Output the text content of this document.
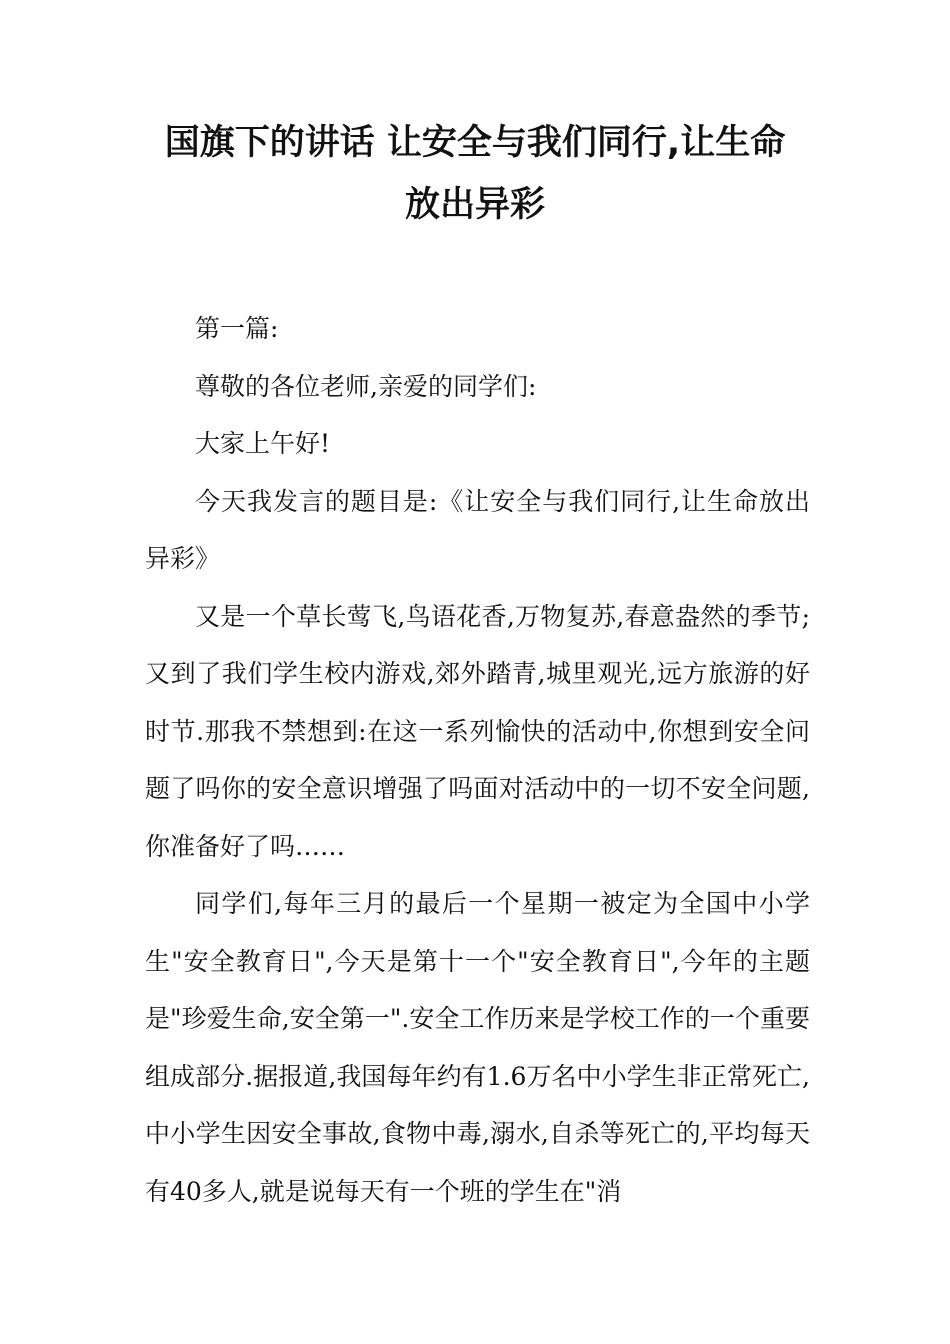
国旗下的讲话 让安全与我们同行,让生命
放出异彩

第一篇:

尊敬的各位老师,亲爱的同学们:

大家上午好!

今天我发言的题目是:《让安全与我们同行,让生命放出异彩》

又是一个草长莺飞,鸟语花香,万物复苏,春意盎然的季节;又到了我们学生校内游戏,郊外踏青,城里观光,远方旅游的好时节.那我不禁想到:在这一系列愉快的活动中,你想到安全问题了吗你的安全意识增强了吗面对活动中的一切不安全问题,你准备好了吗……

同学们,每年三月的最后一个星期一被定为全国中小学生"安全教育日",今天是第十一个"安全教育日",今年的主题是"珍爱生命,安全第一".安全工作历来是学校工作的一个重要组成部分.据报道,我国每年约有1.6万名中小学生非正常死亡,中小学生因安全事故,食物中毒,溺水,自杀等死亡的,平均每天有40多人,就是说每天有一个班的学生在"消
